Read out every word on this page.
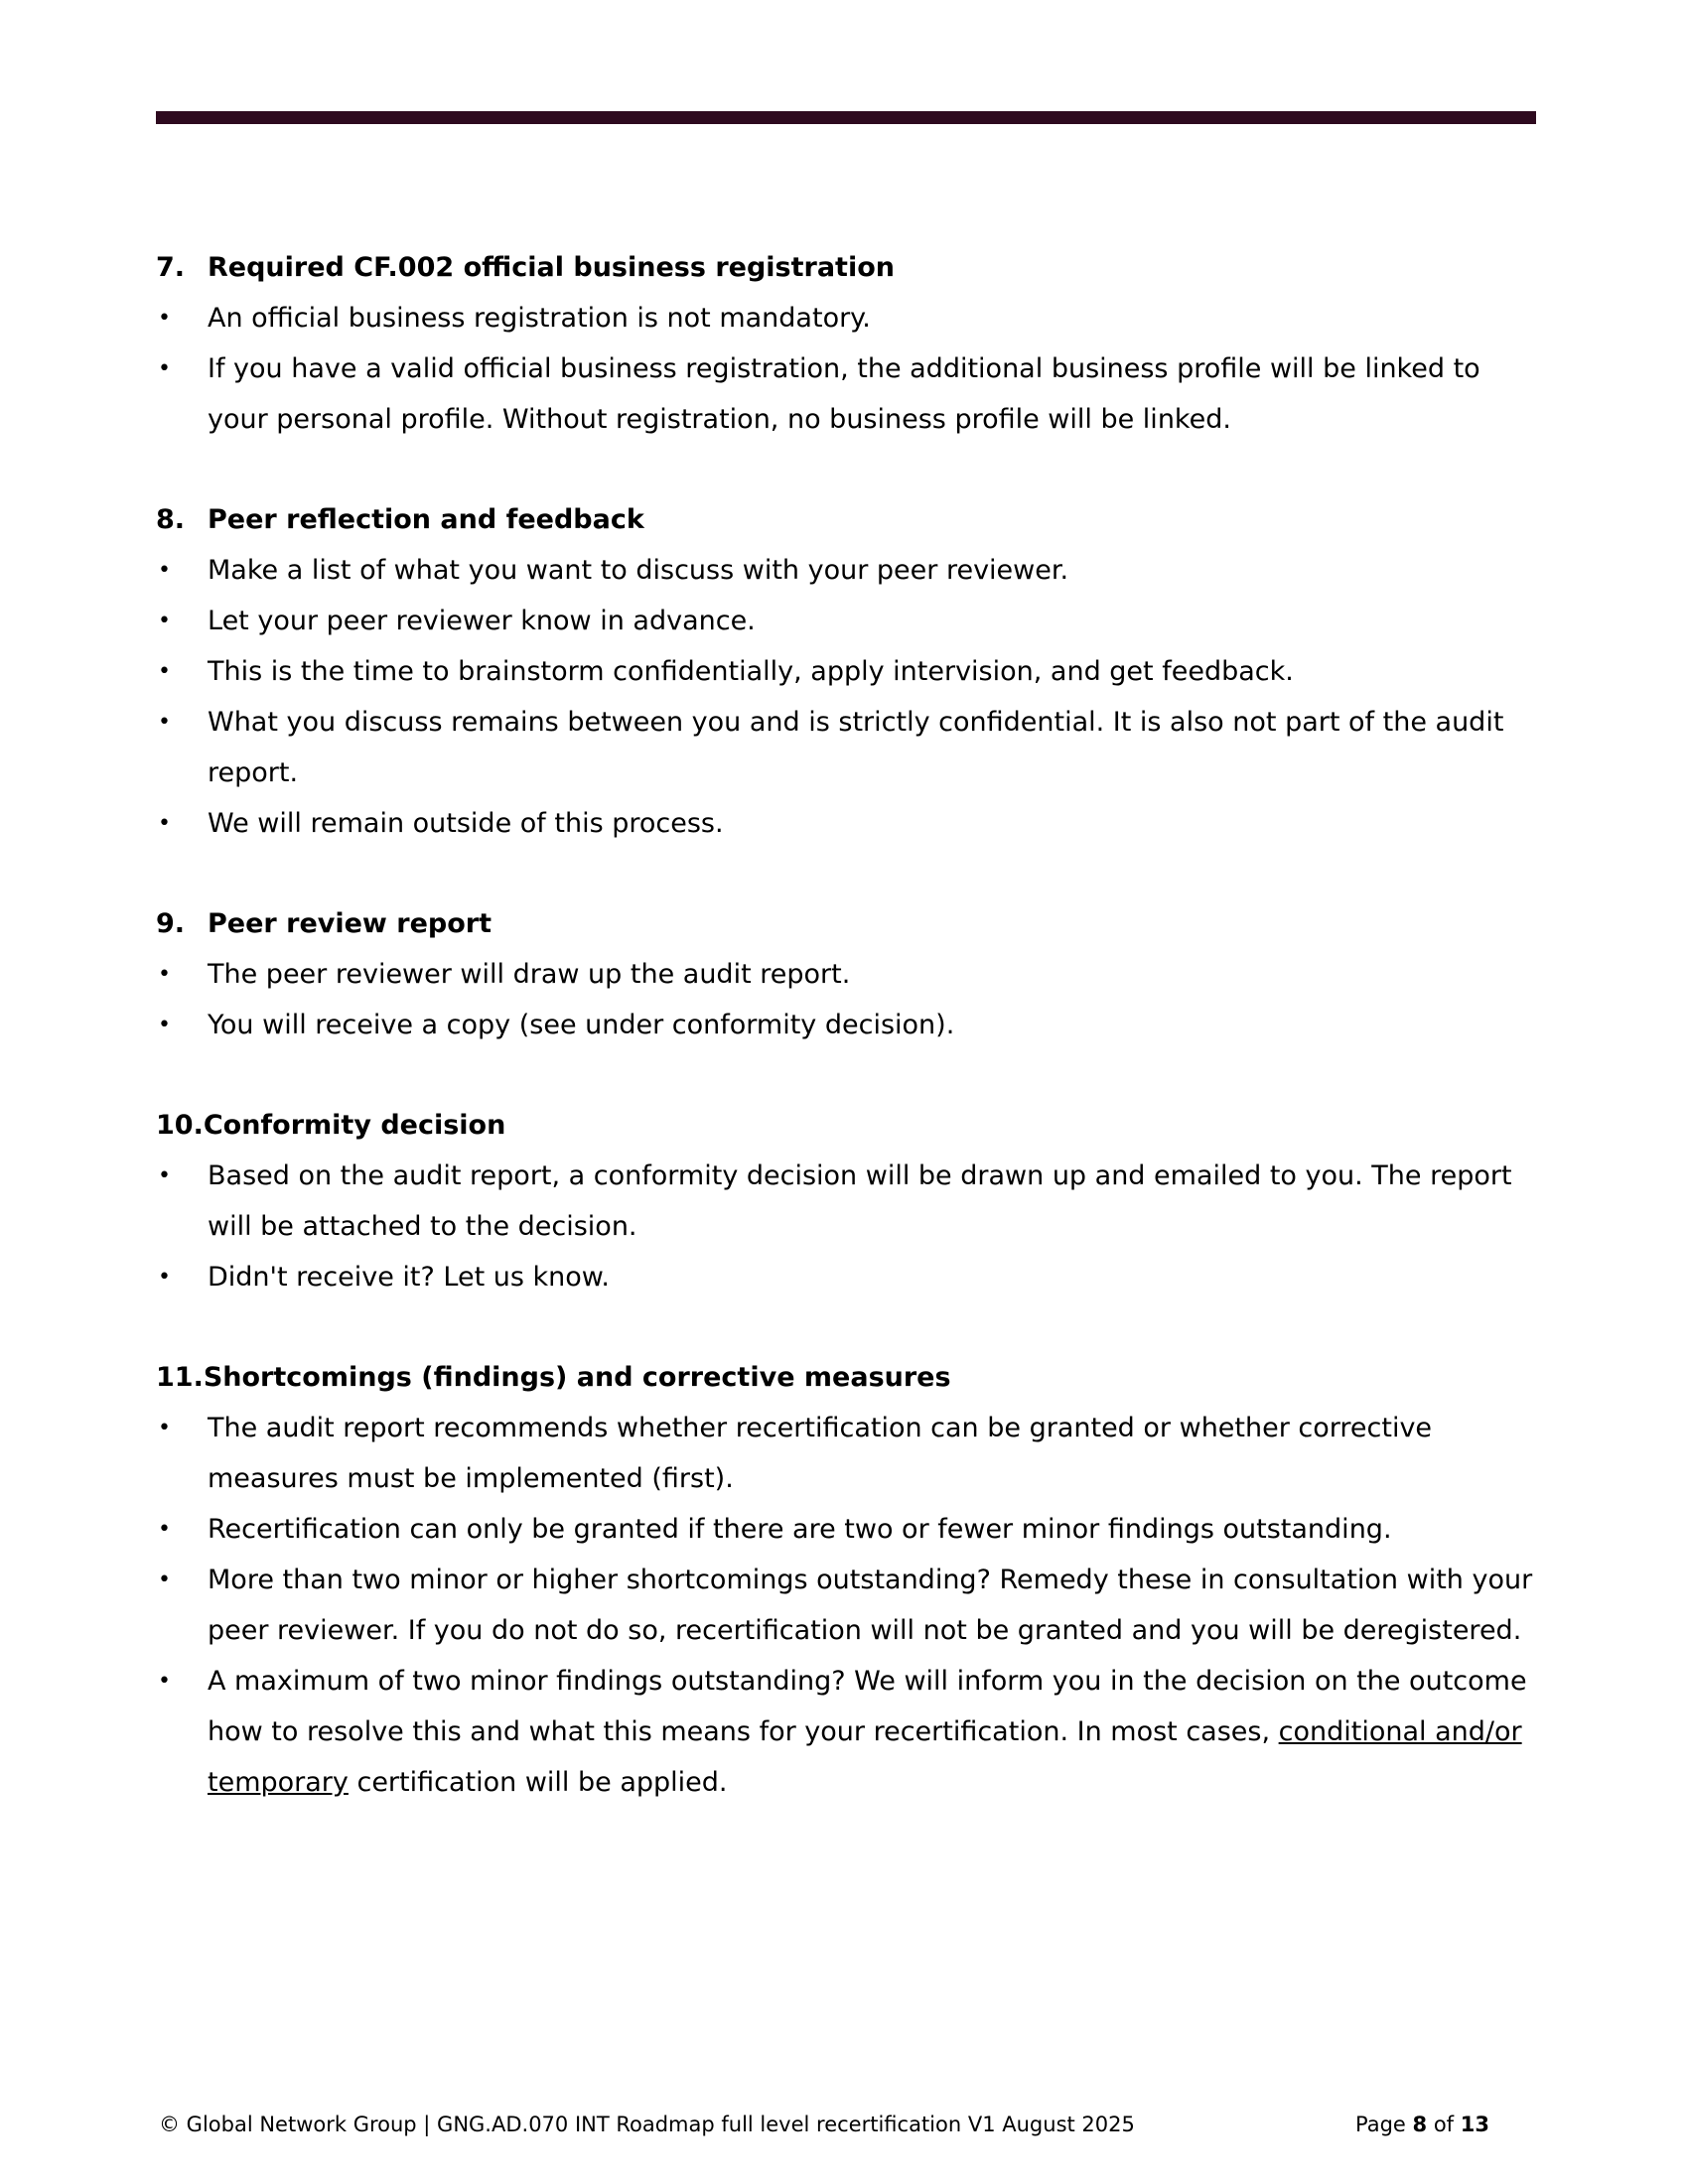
7. Required CF.002 official business registration
• An official business registration is not mandatory.
• If you have a valid official business registration, the additional business profile will be linked to your personal profile. Without registration, no business profile will be linked.
8. Peer reflection and feedback
• Make a list of what you want to discuss with your peer reviewer.
• Let your peer reviewer know in advance.
• This is the time to brainstorm confidentially, apply intervision, and get feedback.
• What you discuss remains between you and is strictly confidential. It is also not part of the audit report.
• We will remain outside of this process.
9. Peer review report
• The peer reviewer will draw up the audit report.
• You will receive a copy (see under conformity decision).
10. Conformity decision
• Based on the audit report, a conformity decision will be drawn up and emailed to you. The report will be attached to the decision.
• Didn't receive it? Let us know.
11. Shortcomings (findings) and corrective measures
• The audit report recommends whether recertification can be granted or whether corrective measures must be implemented (first).
• Recertification can only be granted if there are two or fewer minor findings outstanding.
• More than two minor or higher shortcomings outstanding? Remedy these in consultation with your peer reviewer. If you do not do so, recertification will not be granted and you will be deregistered.
• A maximum of two minor findings outstanding? We will inform you in the decision on the outcome how to resolve this and what this means for your recertification. In most cases, conditional and/or temporary certification will be applied.
© Global Network Group | GNG.AD.070 INT Roadmap full level recertification V1 August 2025	Page 8 of 13
